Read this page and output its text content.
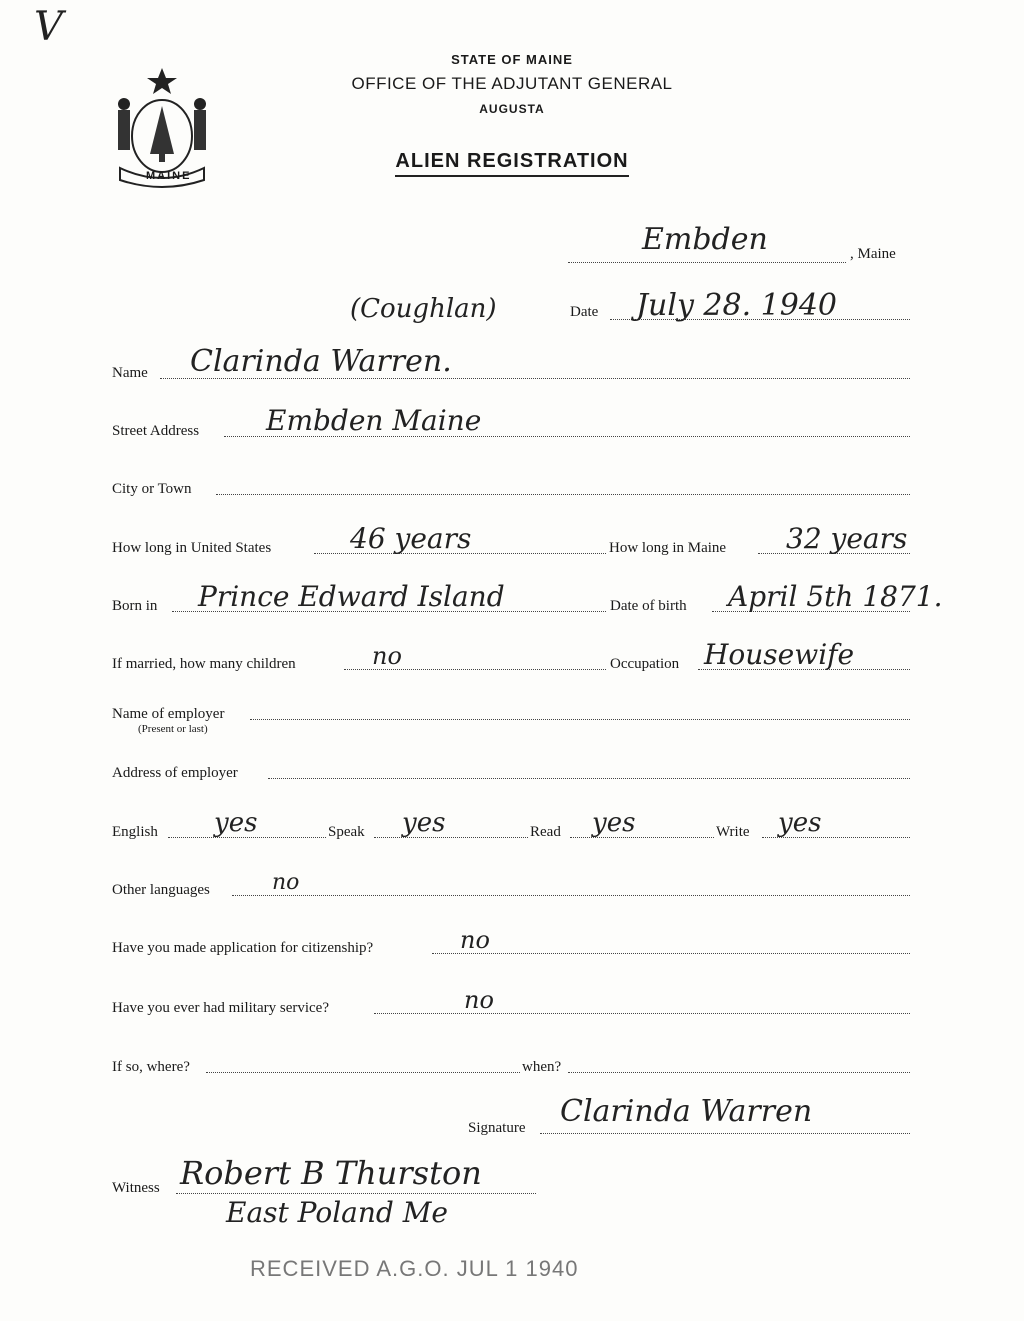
V
MAINE
STATE OF MAINE
OFFICE OF THE ADJUTANT GENERAL
AUGUSTA
ALIEN REGISTRATION
Embden	, Maine
(Coughlan)	Date July 28. 1940
Name Clarinda Warren.
Street Address Embden Maine
City or Town
How long in United States	46 years	How long in Maine 32 years
Born in Prince Edward Island	Date of birth April 5th 1871.
If married, how many children	no	Occupation Housewife
Name of employer
(Present or last)
Address of employer
English yes	Speak yes	Read yes	Write yes
Other languages	no
Have you made application for citizenship?	no
Have you ever had military service?	no
If so, where?	when?
Signature Clarinda Warren
Witness Robert B Thurston
East Poland Me
RECEIVED A.G.O. JUL 1 1940
